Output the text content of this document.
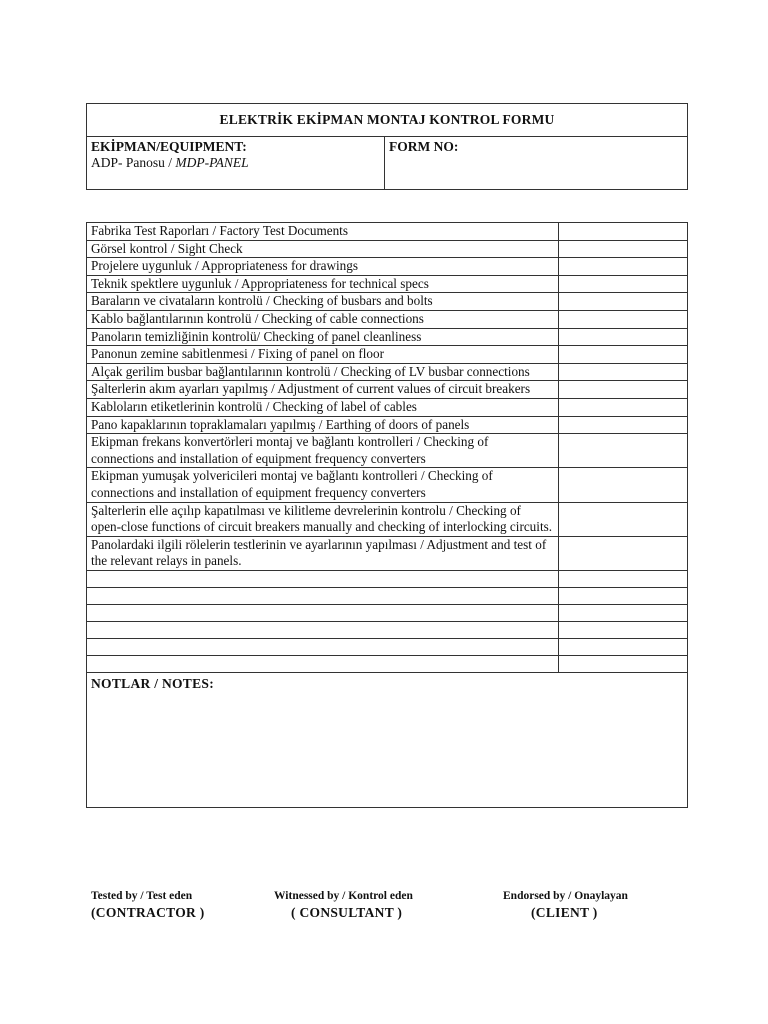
ELEKTRİK EKİPMAN MONTAJ KONTROL FORMU

EKİPMAN/EQUIPMENT:
ADP- Panosu / MDP-PANEL	
FORM NO:
Fabrika Test Raporları / Factory Test Documents	
Görsel kontrol / Sight Check	
Projelere uygunluk / Appropriateness for drawings	
Teknik spektlere uygunluk / Appropriateness for technical specs	
Baraların ve civataların kontrolü / Checking of busbars and bolts	
Kablo bağlantılarının kontrolü / Checking of cable connections	
Panoların temizliğinin kontrolü/ Checking of panel cleanliness	
Panonun zemine sabitlenmesi / Fixing of panel on floor	
Alçak gerilim busbar bağlantılarının kontrolü / Checking of LV busbar connections	
Şalterlerin akım ayarları yapılmış / Adjustment of current values of circuit breakers	
Kabloların etiketlerinin kontrolü / Checking of label of cables	
Pano kapaklarının topraklamaları yapılmış / Earthing of doors of panels	
Ekipman frekans konvertörleri montaj ve bağlantı kontrolleri / Checking of connections and installation of equipment frequency converters	
Ekipman yumuşak yolvericileri montaj ve bağlantı kontrolleri / Checking of connections and installation of equipment frequency converters	
Şalterlerin elle açılıp kapatılması ve kilitleme devrelerinin kontrolu / Checking of open-close functions of circuit breakers manually and checking of interlocking circuits.	
Panolardaki ilgili rölelerin testlerinin ve ayarlarının yapılması / Adjustment and test of the relevant relays in panels.	

NOTLAR / NOTES:	
Tested by / Test eden
(CONTRACTOR )
Witnessed by / Kontrol eden
( CONSULTANT )
Endorsed by / Onaylayan
(CLIENT )
